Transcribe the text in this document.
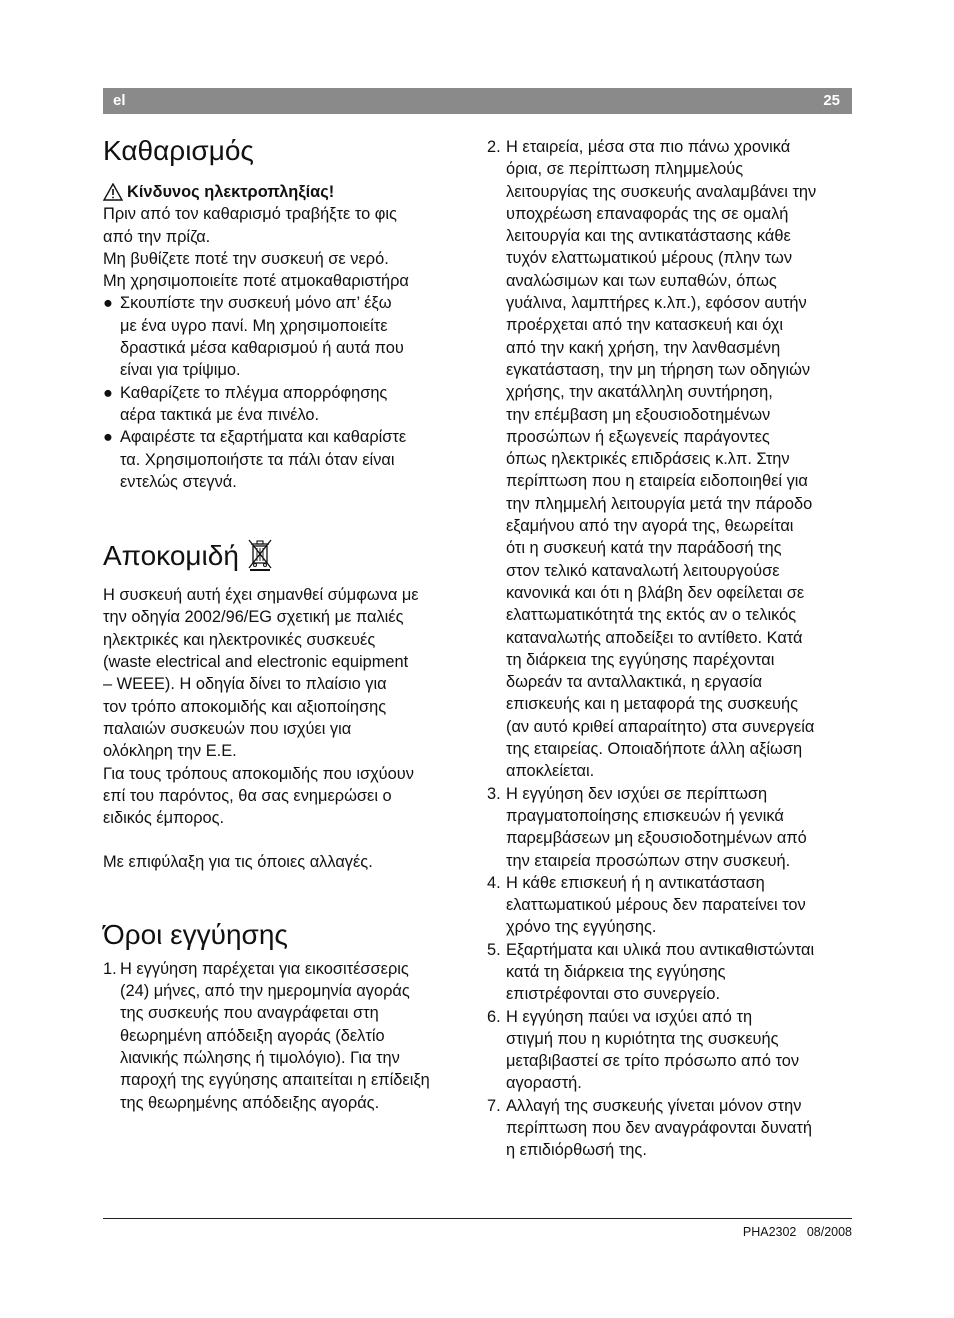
el	25
Καθαρισμός
Κίνδυνος ηλεκτροπληξίας!
Πριν από τον καθαρισμό τραβήξτε το φις
από την πρίζα.
Μη βυθίζετε ποτέ την συσκευή σε νερό.
Μη χρησιμοποιείτε ποτέ ατμοκαθαριστήρα
● Σκουπίστε την συσκευή μόνο απ’ έξω
με ένα υγρο πανί. Μη χρησιμοποιείτε
δραστικά μέσα καθαρισμού ή αυτά που
είναι για τρίψιμο.
● Καθαρίζετε το πλέγμα απορρόφησης
αέρα τακτικά με ένα πινέλο.
● Αφαιρέστε τα εξαρτήματα και καθαρίστε
τα. Χρησιμοποιήστε τα πάλι όταν είναι
εντελώς στεγνά.
Αποκομιδή
Η συσκευή αυτή έχει σημανθεί σύμφωνα με
την οδηγία 2002/96/EG σχετική με παλιές
ηλεκτρικές και ηλεκτρονικές συσκευές
(waste electrical and electronic equipment
– WEEE). Η οδηγία δίνει το πλαίσιο για
τον τρόπο αποκομιδής και αξιοποίησης
παλαιών συσκευών που ισχύει για
ολόκληρη την Ε.Ε.
Για τους τρόπους αποκομιδής που ισχύουν
επί του παρόντος, θα σας ενημερώσει ο
ειδικός έμπορος.
Με επιφύλαξη για τις όποιες αλλαγές.
Όροι εγγύησης
1. Η εγγύηση παρέχεται για εικοσιτέσσερις
(24) μήνες, από την ημερομηνία αγοράς
της συσκευής που αναγράφεται στη
θεωρημένη απόδειξη αγοράς (δελτίο
λιανικής πώλησης ή τιμολόγιο). Για την
παροχή της εγγύησης απαιτείται η επίδειξη
της θεωρημένης απόδειξης αγοράς.
2. Η εταιρεία, μέσα στα πιο πάνω χρονικά
όρια, σε περίπτωση πλημμελούς
λειτουργίας της συσκευής αναλαμβάνει την
υποχρέωση επαναφοράς της σε ομαλή
λειτουργία και της αντικατάστασης κάθε
τυχόν ελαττωματικού μέρους (πλην των
αναλώσιμων και των ευπαθών, όπως
γυάλινα, λαμπτήρες κ.λπ.), εφόσον αυτήν
προέρχεται από την κατασκευή και όχι
από την κακή χρήση, την λανθασμένη
εγκατάσταση, την μη τήρηση των οδηγιών
χρήσης, την ακατάλληλη συντήρηση,
την επέμβαση μη εξουσιοδοτημένων
προσώπων ή εξωγενείς παράγοντες
όπως ηλεκτρικές επιδράσεις κ.λπ. Στην
περίπτωση που η εταιρεία ειδοποιηθεί για
την πλημμελή λειτουργία μετά την πάροδο
εξαμήνου από την αγορά της, θεωρείται
ότι η συσκευή κατά την παράδοσή της
στον τελικό καταναλωτή λειτουργούσε
κανονικά και ότι η βλάβη δεν οφείλεται σε
ελαττωματικότητά της εκτός αν ο τελικός
καταναλωτής αποδείξει το αντίθετο. Κατά
τη διάρκεια της εγγύησης παρέχονται
δωρεάν τα ανταλλακτικά, η εργασία
επισκευής και η μεταφορά της συσκευής
(αν αυτό κριθεί απαραίτητο) στα συνεργεία
της εταιρείας. Οποιαδήποτε άλλη αξίωση
αποκλείεται.
3. Η εγγύηση δεν ισχύει σε περίπτωση
πραγματοποίησης επισκευών ή γενικά
παρεμβάσεων μη εξουσιοδοτημένων από
την εταιρεία προσώπων στην συσκευή.
4. Η κάθε επισκευή ή η αντικατάσταση
ελαττωματικού μέρους δεν παρατείνει τον
χρόνο της εγγύησης.
5. Εξαρτήματα και υλικά που αντικαθιστώνται
κατά τη διάρκεια της εγγύησης
επιστρέφονται στο συνεργείο.
6. Η εγγύηση παύει να ισχύει από τη
στιγμή που η κυριότητα της συσκευής
μεταβιβαστεί σε τρίτο πρόσωπο από τον
αγοραστή.
7. Αλλαγή της συσκευής γίνεται μόνον στην
περίπτωση που δεν αναγράφονται δυνατή
η επιδιόρθωσή της.
PHA2302 08/2008
